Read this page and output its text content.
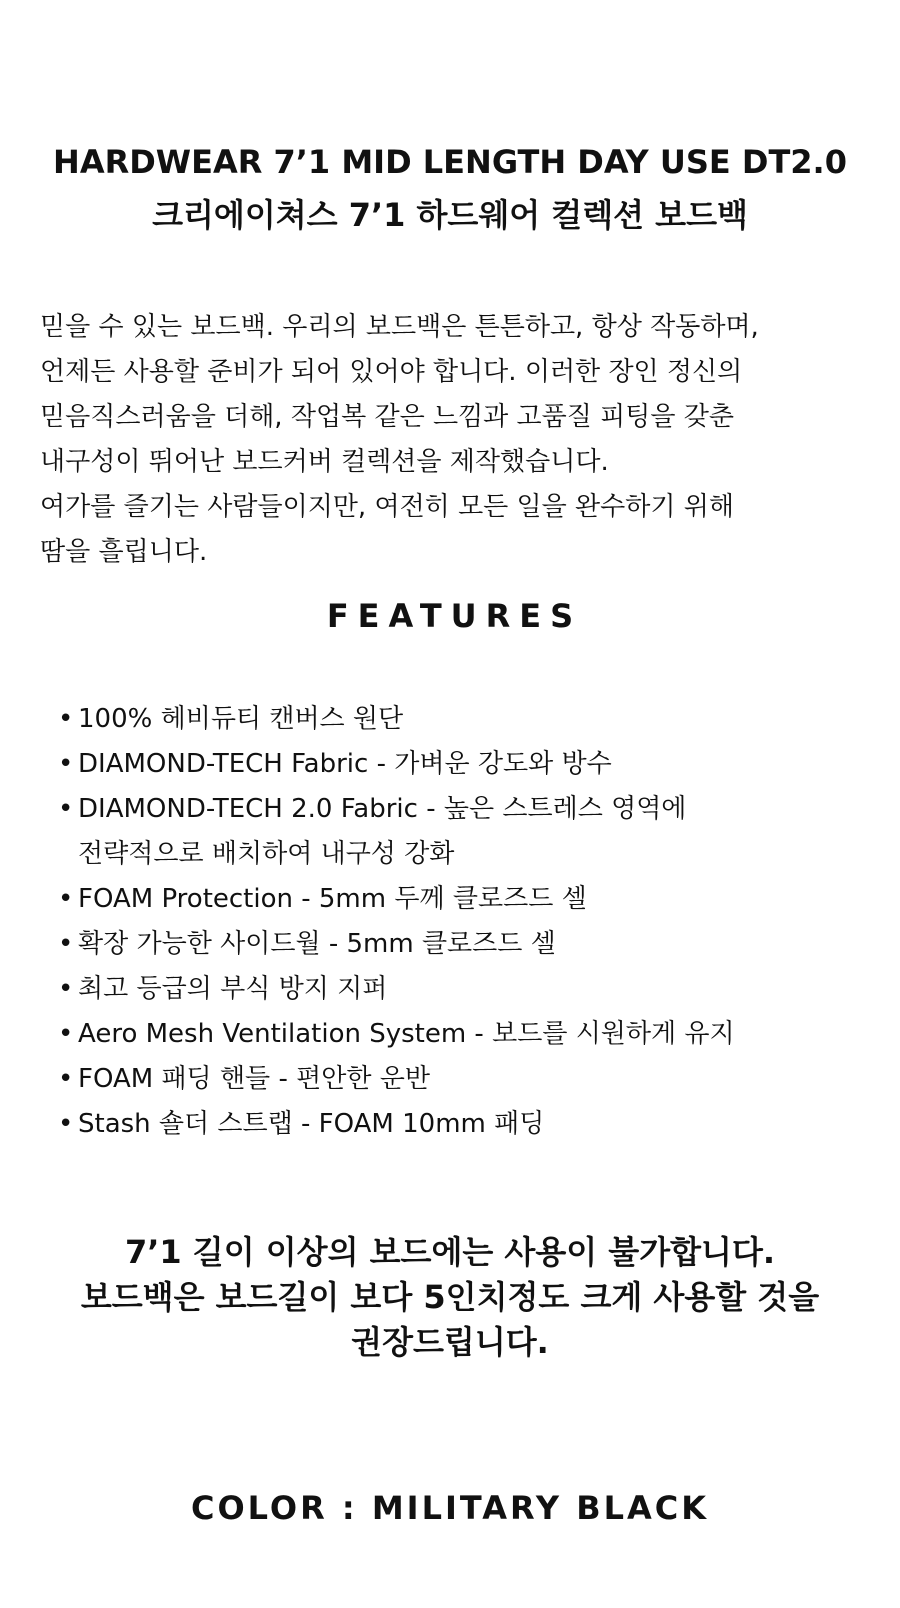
HARDWEAR 7’1 MID LENGTH DAY USE DT2.0
크리에이쳐스 7’1 하드웨어 컬렉션 보드백
믿을 수 있는 보드백. 우리의 보드백은 튼튼하고, 항상 작동하며,
언제든 사용할 준비가 되어 있어야 합니다. 이러한 장인 정신의
믿음직스러움을 더해, 작업복 같은 느낌과 고품질 피팅을 갖춘
내구성이 뛰어난 보드커버 컬렉션을 제작했습니다.
여가를 즐기는 사람들이지만, 여전히 모든 일을 완수하기 위해
땀을 흘립니다.
FEATURES
• 100% 헤비듀티 캔버스 원단
• DIAMOND-TECH Fabric - 가벼운 강도와 방수
• DIAMOND-TECH 2.0 Fabric - 높은 스트레스 영역에
전략적으로 배치하여 내구성 강화
• FOAM Protection - 5mm 두께 클로즈드 셀
• 확장 가능한 사이드월 - 5mm 클로즈드 셀
• 최고 등급의 부식 방지 지퍼
• Aero Mesh Ventilation System - 보드를 시원하게 유지
• FOAM 패딩 핸들 - 편안한 운반
• Stash 숄더 스트랩 - FOAM 10mm 패딩
7’1 길이 이상의 보드에는 사용이 불가합니다.
보드백은 보드길이 보다 5인치정도 크게 사용할 것을
권장드립니다.
COLOR : MILITARY BLACK
